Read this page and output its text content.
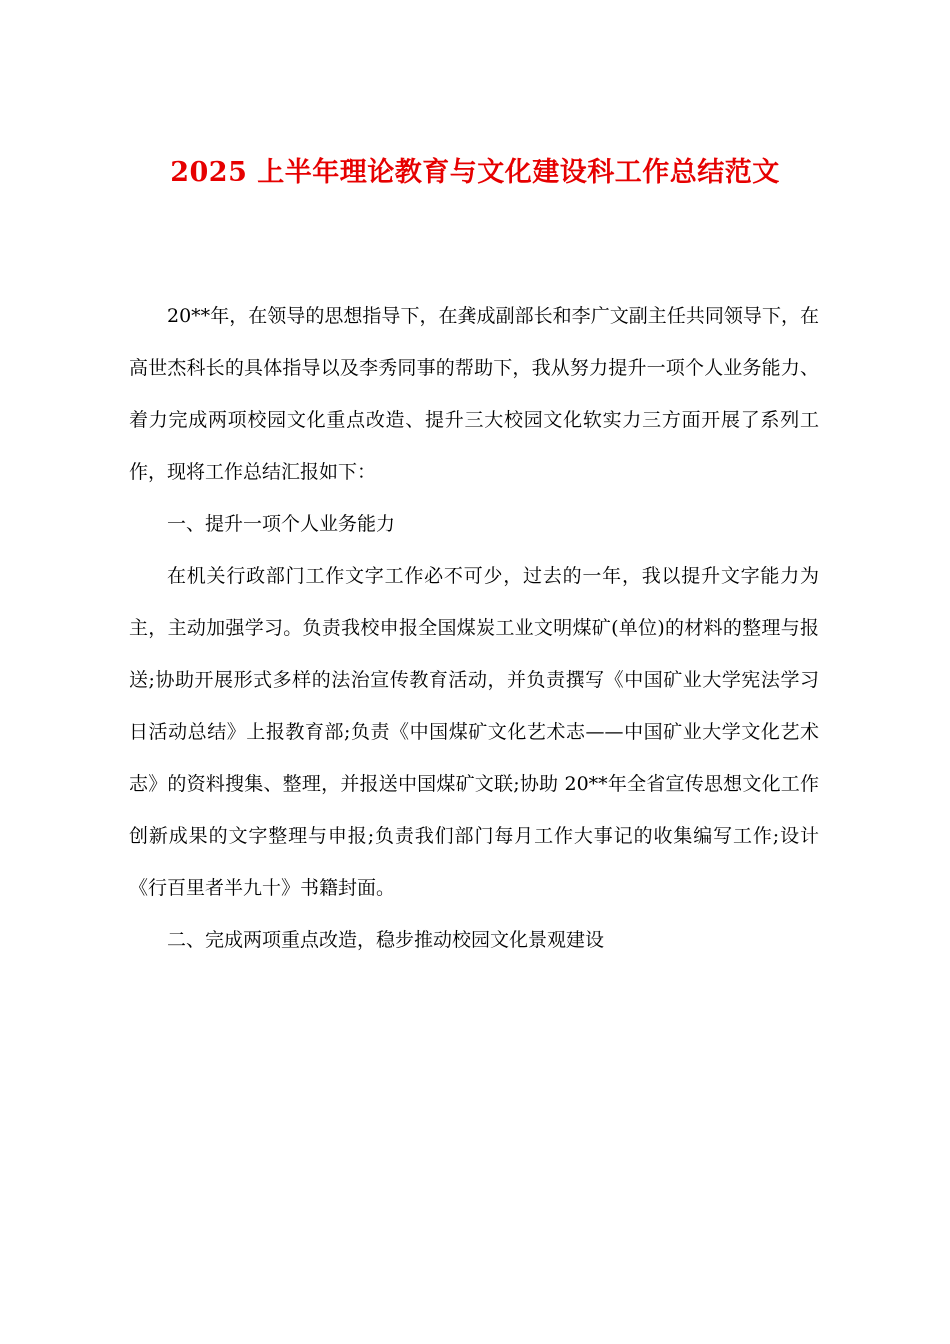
2025 上半年理论教育与文化建设科工作总结范文

20**年，在领导的思想指导下，在龚成副部长和李广文副主任共同领导下，在高世杰科长的具体指导以及李秀同事的帮助下，我从努力提升一项个人业务能力、着力完成两项校园文化重点改造、提升三大校园文化软实力三方面开展了系列工作，现将工作总结汇报如下：

一、提升一项个人业务能力

在机关行政部门工作文字工作必不可少，过去的一年，我以提升文字能力为主，主动加强学习。负责我校申报全国煤炭工业文明煤矿(单位)的材料的整理与报送;协助开展形式多样的法治宣传教育活动，并负责撰写《中国矿业大学宪法学习日活动总结》上报教育部;负责《中国煤矿文化艺术志——中国矿业大学文化艺术志》的资料搜集、整理，并报送中国煤矿文联;协助 20**年全省宣传思想文化工作创新成果的文字整理与申报;负责我们部门每月工作大事记的收集编写工作;设计《行百里者半九十》书籍封面。

二、完成两项重点改造，稳步推动校园文化景观建设
